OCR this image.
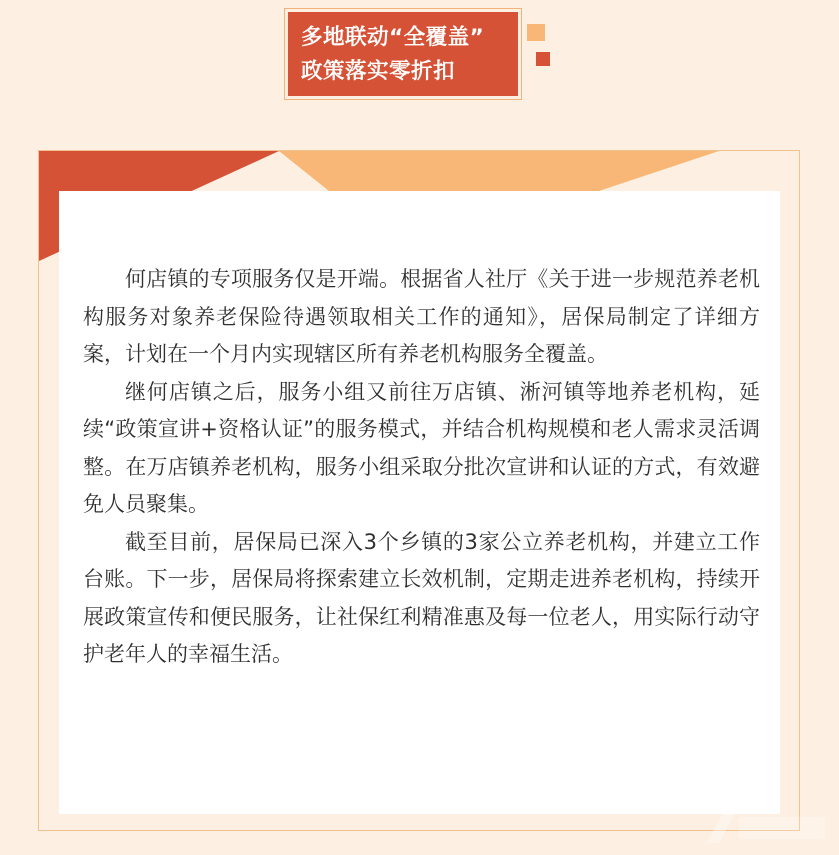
多地联动“全覆盖”
政策落实零折扣

何店镇的专项服务仅是开端。根据省人社厅《关于进一步规范养老机构服务对象养老保险待遇领取相关工作的通知》，居保局制定了详细方案，计划在一个月内实现辖区所有养老机构服务全覆盖。

继何店镇之后，服务小组又前往万店镇、淅河镇等地养老机构，延续“政策宣讲+资格认证”的服务模式，并结合机构规模和老人需求灵活调整。在万店镇养老机构，服务小组采取分批次宣讲和认证的方式，有效避免人员聚集。

截至目前，居保局已深入3个乡镇的3家公立养老机构，并建立工作台账。下一步，居保局将探索建立长效机制，定期走进养老机构，持续开展政策宣传和便民服务，让社保红利精准惠及每一位老人，用实际行动守护老年人的幸福生活。
